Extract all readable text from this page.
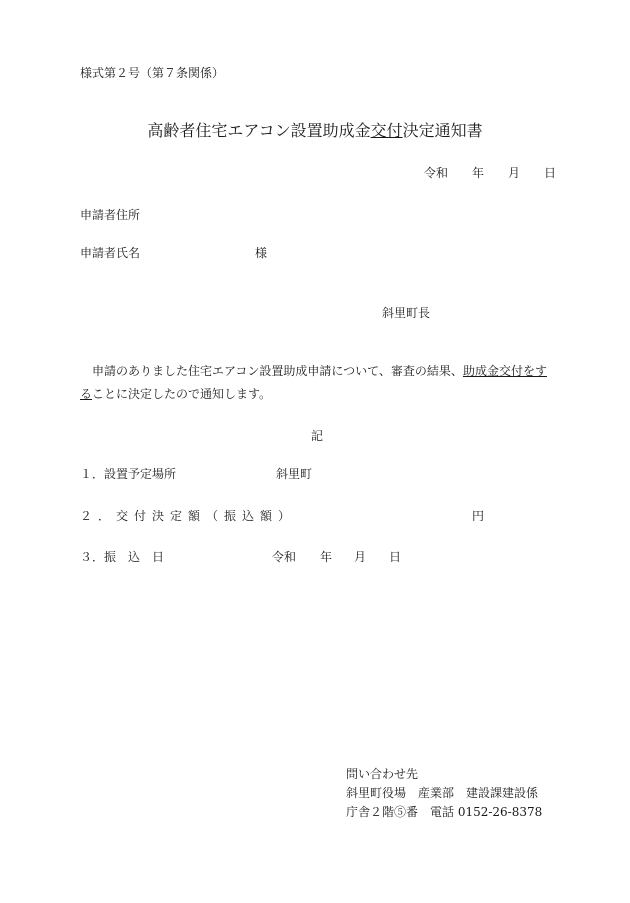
様式第２号（第７条関係）
高齢者住宅エアコン設置助成金交付決定通知書
令和 年 月 日
申請者住所
申請者氏名	様
斜里町長
申請のありました住宅エアコン設置助成申請について、審査の結果、助成金交付をすることに決定したので通知します。
記
１．設置予定場所	斜里町
２．交付決定額（振込額）	円
３．振　込　日	令和 年 月 日
問い合わせ先
斜里町役場　産業部　建設課建設係
庁舎２階⑤番　電話 0152-26-8378
